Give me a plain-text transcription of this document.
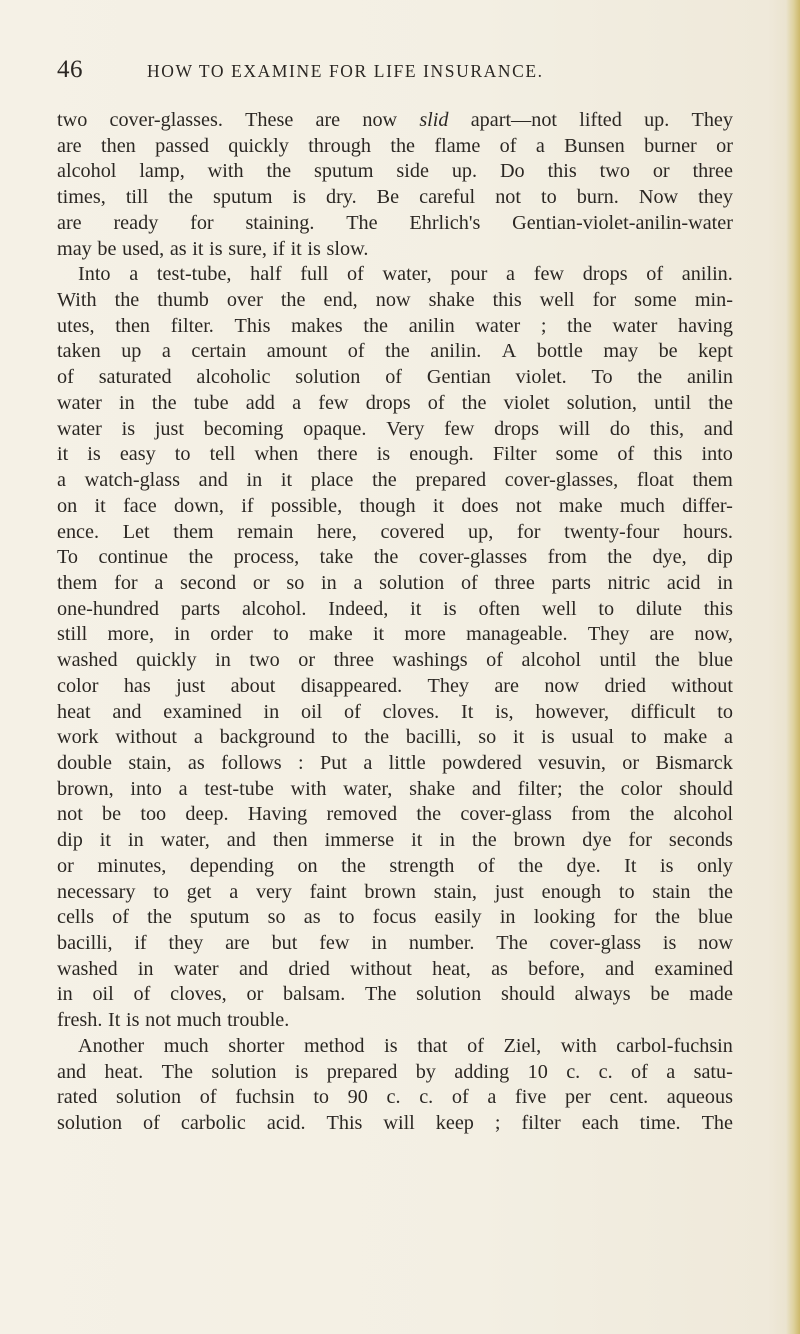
46	HOW TO EXAMINE FOR LIFE INSURANCE.
two cover-glasses. These are now slid apart—not lifted up. They
are then passed quickly through the flame of a Bunsen burner or
alcohol lamp, with the sputum side up. Do this two or three
times, till the sputum is dry. Be careful not to burn. Now they
are ready for staining. The Ehrlich's Gentian-violet-anilin-water
may be used, as it is sure, if it is slow.
Into a test-tube, half full of water, pour a few drops of anilin.
With the thumb over the end, now shake this well for some min-
utes, then filter. This makes the anilin water ; the water having
taken up a certain amount of the anilin. A bottle may be kept
of saturated alcoholic solution of Gentian violet. To the anilin
water in the tube add a few drops of the violet solution, until the
water is just becoming opaque. Very few drops will do this, and
it is easy to tell when there is enough. Filter some of this into
a watch-glass and in it place the prepared cover-glasses, float them
on it face down, if possible, though it does not make much differ-
ence. Let them remain here, covered up, for twenty-four hours.
To continue the process, take the cover-glasses from the dye, dip
them for a second or so in a solution of three parts nitric acid in
one-hundred parts alcohol. Indeed, it is often well to dilute this
still more, in order to make it more manageable. They are now,
washed quickly in two or three washings of alcohol until the blue
color has just about disappeared. They are now dried without
heat and examined in oil of cloves. It is, however, difficult to
work without a background to the bacilli, so it is usual to make a
double stain, as follows : Put a little powdered vesuvin, or Bismarck
brown, into a test-tube with water, shake and filter; the color should
not be too deep. Having removed the cover-glass from the alcohol
dip it in water, and then immerse it in the brown dye for seconds
or minutes, depending on the strength of the dye. It is only
necessary to get a very faint brown stain, just enough to stain the
cells of the sputum so as to focus easily in looking for the blue
bacilli, if they are but few in number. The cover-glass is now
washed in water and dried without heat, as before, and examined
in oil of cloves, or balsam. The solution should always be made
fresh. It is not much trouble.
Another much shorter method is that of Ziel, with carbol-fuchsin
and heat. The solution is prepared by adding 10 c. c. of a satu-
rated solution of fuchsin to 90 c. c. of a five per cent. aqueous
solution of carbolic acid. This will keep ; filter each time. The
